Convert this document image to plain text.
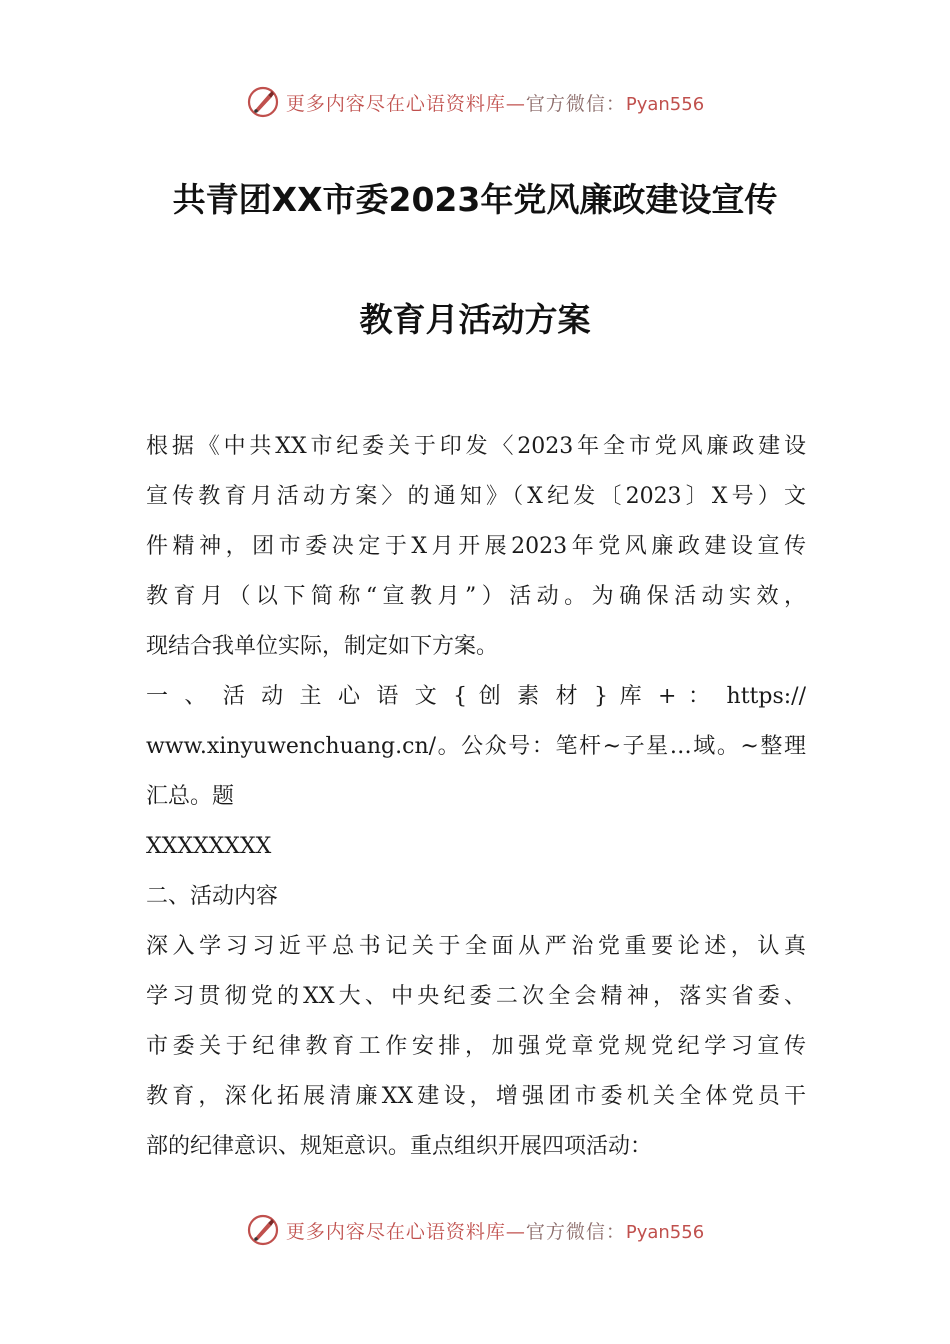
更多内容尽在心语资料库—官方微信：Pyan556
共青团XX市委2023年党风廉政建设宣传
教育月活动方案
根据《中共XX市纪委关于印发〈2023年全市党风廉政建设
宣传教育月活动方案〉的通知》（X纪发〔2023〕X号）文
件精神，团市委决定于X月开展2023年党风廉政建设宣传
教育月（以下简称“宣教月”）活动。为确保活动实效，
现结合我单位实际，制定如下方案。
一 、 活 动 主 心 语 文 { 创 素 材 } 库 + ： https://
www.xinyuwenchuang.cn/。公众号：笔杆~子星…域。~整理
汇总。题
XXXXXXXX
二、活动内容
深入学习习近平总书记关于全面从严治党重要论述，认真
学习贯彻党的XX大、中央纪委二次全会精神，落实省委、
市委关于纪律教育工作安排，加强党章党规党纪学习宣传
教育，深化拓展清廉XX建设，增强团市委机关全体党员干
部的纪律意识、规矩意识。重点组织开展四项活动：
更多内容尽在心语资料库—官方微信：Pyan556
